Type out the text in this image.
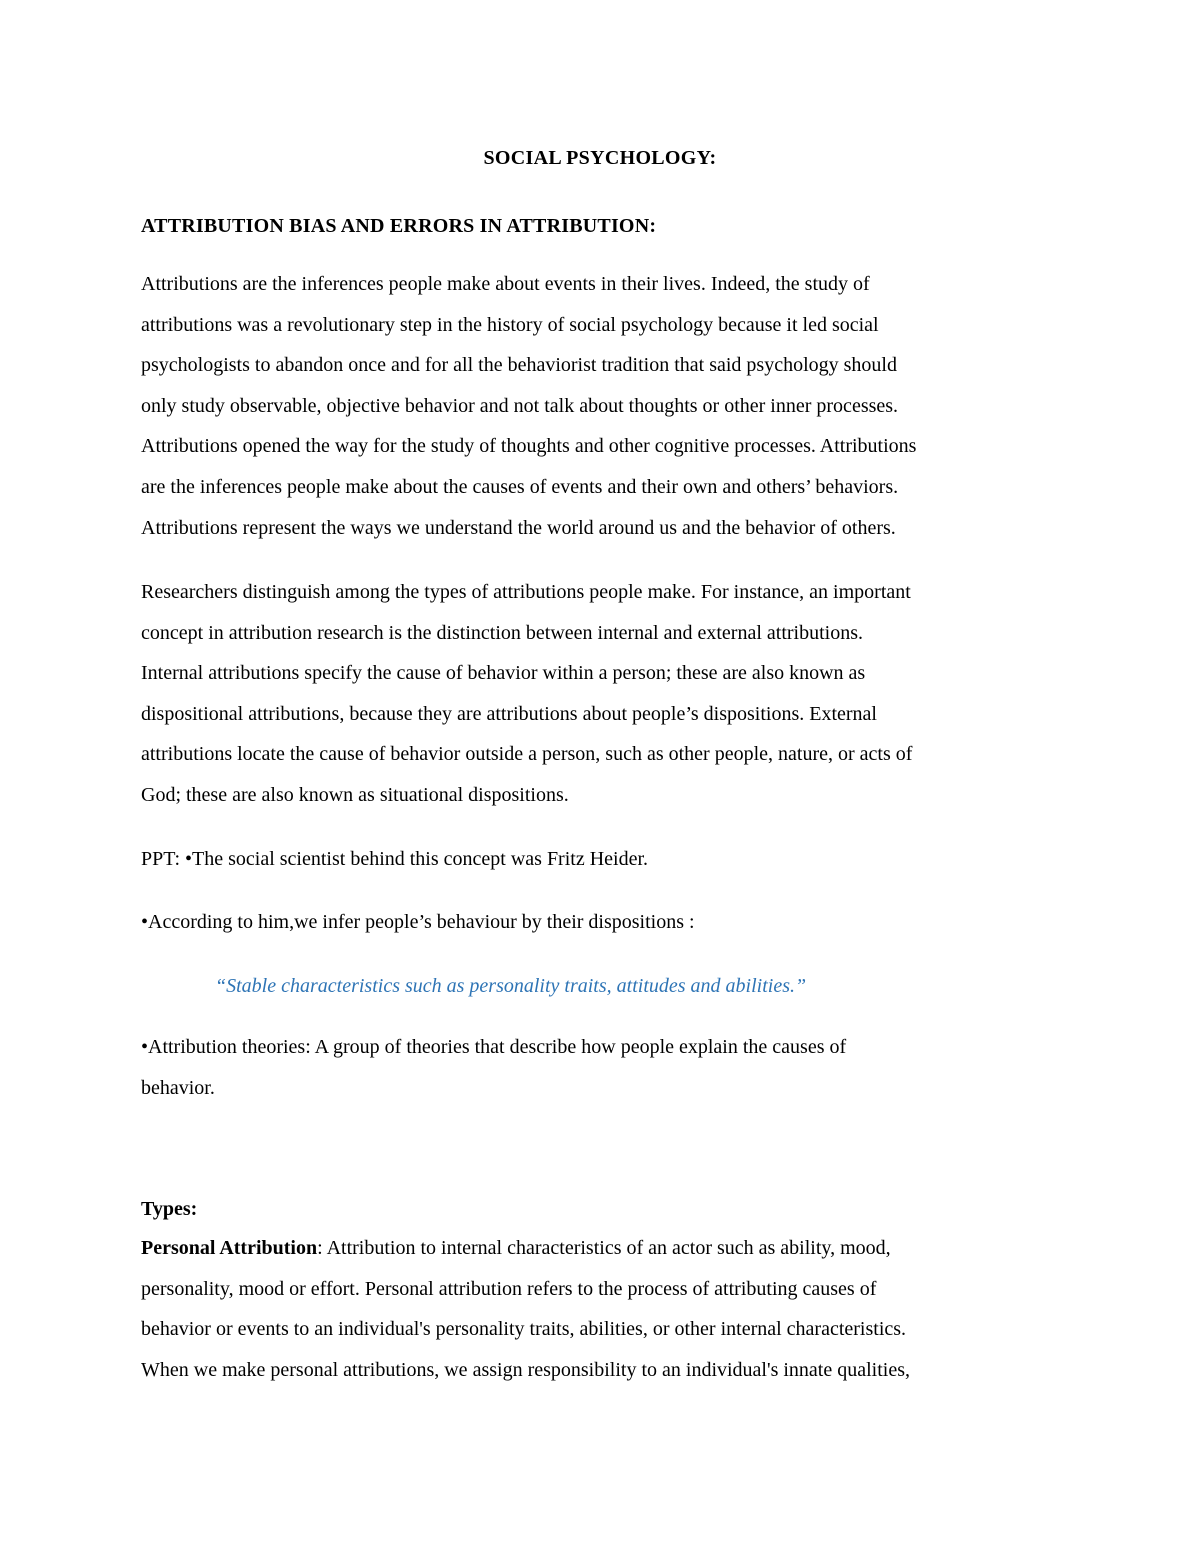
SOCIAL PSYCHOLOGY:
ATTRIBUTION BIAS AND ERRORS IN ATTRIBUTION:

Attributions are the inferences people make about events in their lives. Indeed, the study of
attributions was a revolutionary step in the history of social psychology because it led social
psychologists to abandon once and for all the behaviorist tradition that said psychology should
only study observable, objective behavior and not talk about thoughts or other inner processes.
Attributions opened the way for the study of thoughts and other cognitive processes. Attributions
are the inferences people make about the causes of events and their own and others’ behaviors.
Attributions represent the ways we understand the world around us and the behavior of others.

Researchers distinguish among the types of attributions people make. For instance, an important
concept in attribution research is the distinction between internal and external attributions.
Internal attributions specify the cause of behavior within a person; these are also known as
dispositional attributions, because they are attributions about people’s dispositions. External
attributions locate the cause of behavior outside a person, such as other people, nature, or acts of
God; these are also known as situational dispositions.

PPT: •The social scientist behind this concept was Fritz Heider.
•According to him,we infer people’s behaviour by their dispositions :
“Stable characteristics such as personality traits, attitudes and abilities.”

•Attribution theories: A group of theories that describe how people explain the causes of
behavior.

Types:

Personal Attribution: Attribution to internal characteristics of an actor such as ability, mood,
personality, mood or effort. Personal attribution refers to the process of attributing causes of
behavior or events to an individual's personality traits, abilities, or other internal characteristics.
When we make personal attributions, we assign responsibility to an individual's innate qualities,
